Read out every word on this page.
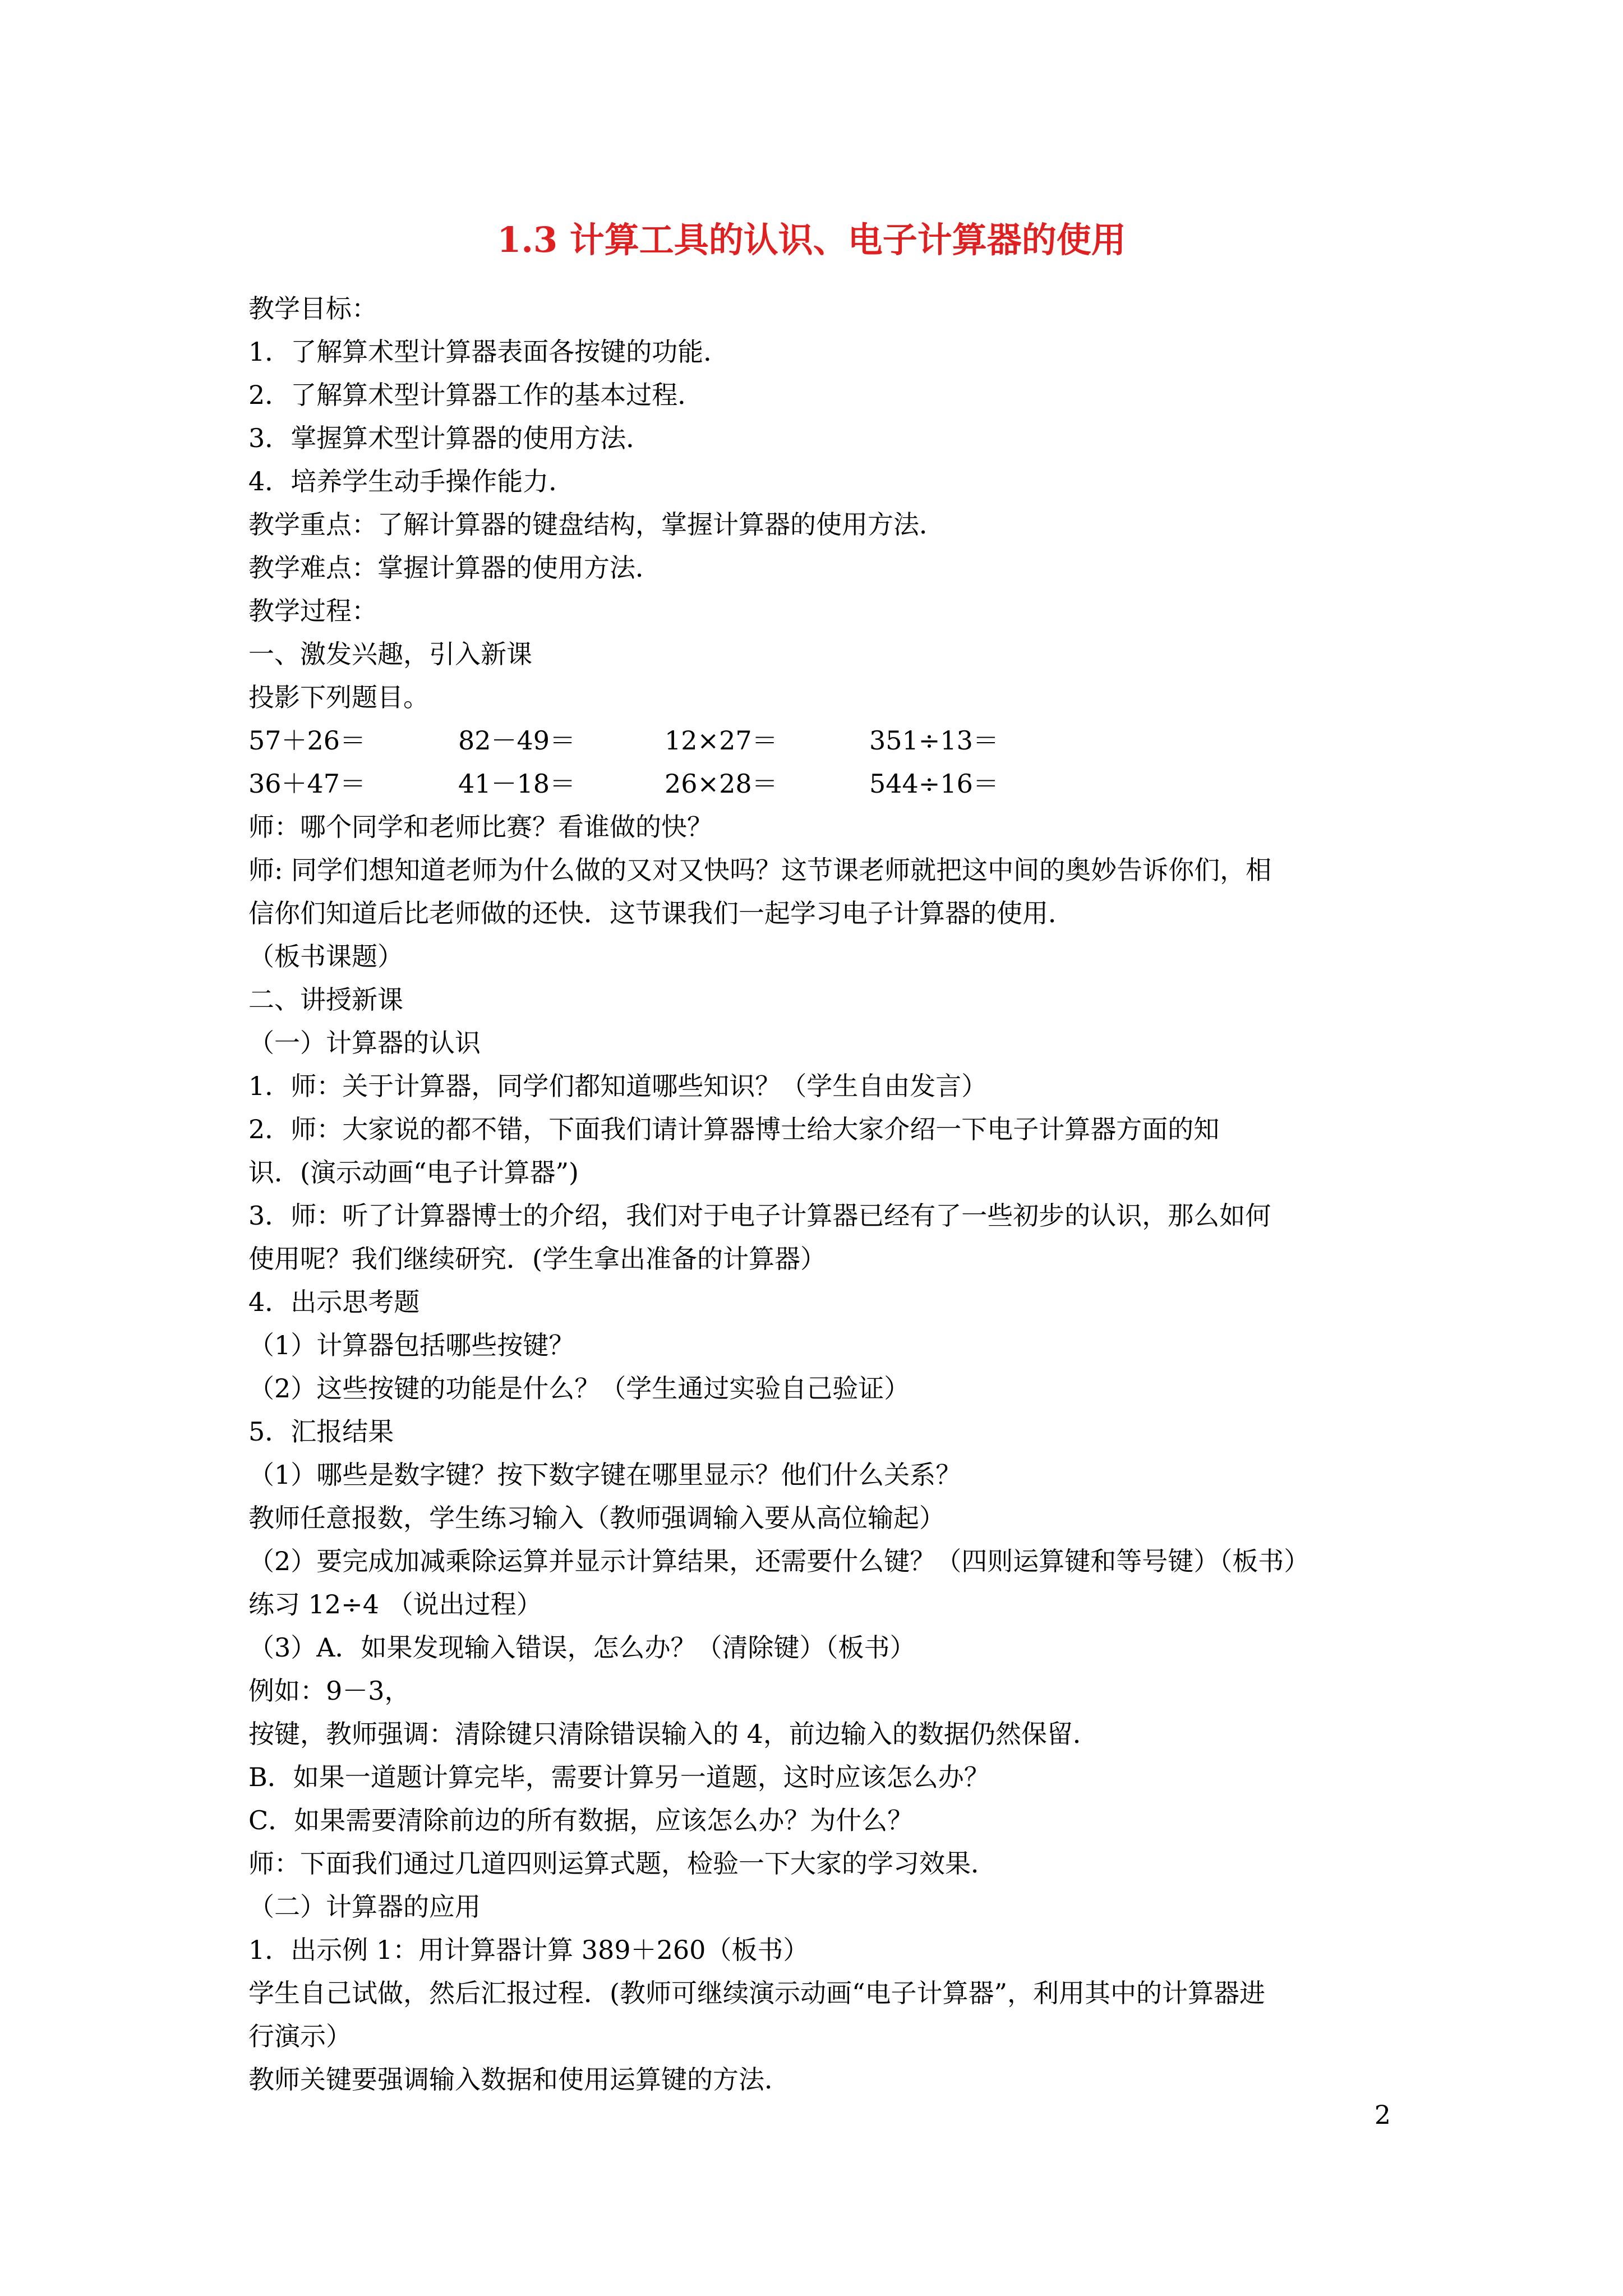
1.3 计算工具的认识、电子计算器的使用
教学目标：
1．了解算术型计算器表面各按键的功能．
2．了解算术型计算器工作的基本过程．
3．掌握算术型计算器的使用方法．
4．培养学生动手操作能力．
教学重点：了解计算器的键盘结构，掌握计算器的使用方法．
教学难点：掌握计算器的使用方法．
教学过程：
一、激发兴趣，引入新课
投影下列题目。
57＋26＝	82－49＝	12×27＝	351÷13＝
36＋47＝	41－18＝	26×28＝	544÷16＝
师：哪个同学和老师比赛？看谁做的快？
师: 同学们想知道老师为什么做的又对又快吗？这节课老师就把这中间的奥妙告诉你们，相
信你们知道后比老师做的还快．这节课我们一起学习电子计算器的使用．
（板书课题）
二、讲授新课
（一）计算器的认识
1．师：关于计算器，同学们都知道哪些知识？（学生自由发言）
2．师：大家说的都不错，下面我们请计算器博士给大家介绍一下电子计算器方面的知
识．(演示动画“电子计算器”)
3．师：听了计算器博士的介绍，我们对于电子计算器已经有了一些初步的认识，那么如何
使用呢？我们继续研究．(学生拿出准备的计算器）
4．出示思考题
（1）计算器包括哪些按键？
（2）这些按键的功能是什么？（学生通过实验自己验证）
5．汇报结果
（1）哪些是数字键？按下数字键在哪里显示？他们什么关系？
教师任意报数，学生练习输入（教师强调输入要从高位输起）
（2）要完成加减乘除运算并显示计算结果，还需要什么键？（四则运算键和等号键）（板书）
练习 12÷4 （说出过程）
（3）A．如果发现输入错误，怎么办？（清除键）（板书）
例如：9－3，
按键，教师强调：清除键只清除错误输入的 4，前边输入的数据仍然保留．
B．如果一道题计算完毕，需要计算另一道题，这时应该怎么办？
C．如果需要清除前边的所有数据，应该怎么办？为什么？
师：下面我们通过几道四则运算式题，检验一下大家的学习效果．
（二）计算器的应用
1．出示例 1：用计算器计算 389＋260（板书）
学生自己试做，然后汇报过程．(教师可继续演示动画“电子计算器”，利用其中的计算器进
行演示）
教师关键要强调输入数据和使用运算键的方法．
2
